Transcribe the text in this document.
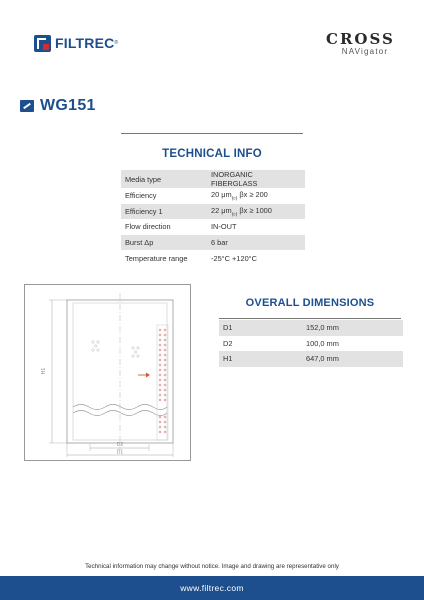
FILTREC ®	CROSS
NAVigator
WG151
TECHNICAL INFO
Media type	INORGANIC FIBERGLASS
Efficiency	20 $\mu m_{(c)}$ βx ≥ 200
Efficiency 1	22 $\mu m_{(c)}$ βx ≥ 1000
Flow direction	IN-OUT
Burst Δp	6 bar
Temperature range	-25°C +120°C
H1
D2
D1
OVERALL DIMENSIONS
D1	152,0 mm
D2	100,0 mm
H1	647,0 mm
Technical information may change without notice. Image and drawing are representative only
www.filtrec.com
